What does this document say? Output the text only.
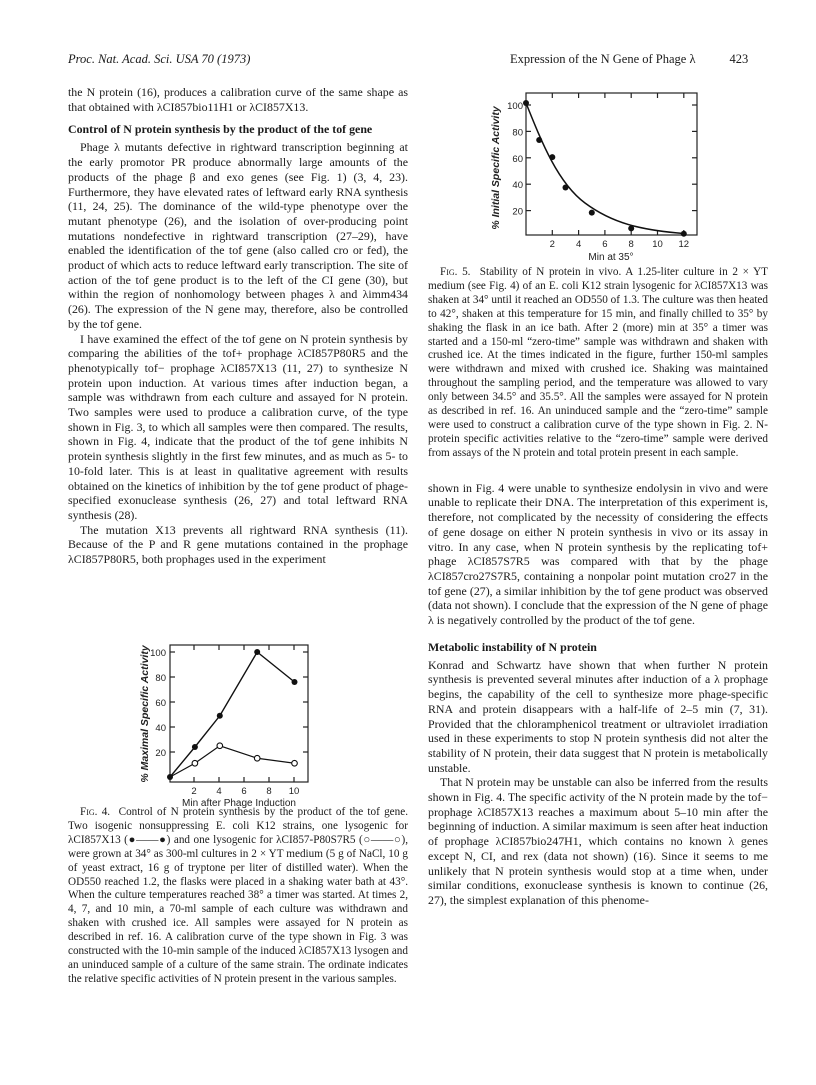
Proc. Nat. Acad. Sci. USA 70 (1973)	Expression of the N Gene of Phage λ	423

the N protein (16), produces a calibration curve of the same shape as that obtained with λCI857bio11H1 or λCI857X13.

Control of N protein synthesis by the product of the tof gene

Phage λ mutants defective in rightward transcription beginning at the early promotor PR produce abnormally large amounts of the products of the phage β and exo genes (see Fig. 1) (3, 4, 23). Furthermore, they have elevated rates of leftward early RNA synthesis (11, 24, 25). The dominance of the wild-type phenotype over the mutant phenotype (26), and the isolation of over-producing point mutations nondefective in rightward transcription (27–29), have enabled the identification of the tof gene (also called cro or fed), the product of which acts to reduce leftward early transcription. The site of action of the tof gene product is to the left of the CI gene (30), but within the region of nonhomology between phages λ and λimm434 (26). The expression of the N gene may, therefore, also be controlled by the tof gene.

I have examined the effect of the tof gene on N protein synthesis by comparing the abilities of the tof+ prophage λCI857P80R5 and the phenotypically tof− prophage λCI857X13 (11, 27) to synthesize N protein upon induction. At various times after induction began, a sample was withdrawn from each culture and assayed for N protein. Two samples were used to produce a calibration curve, of the type shown in Fig. 3, to which all samples were then compared. The results, shown in Fig. 4, indicate that the product of the tof gene inhibits N protein synthesis slightly in the first few minutes, and as much as 5- to 10-fold later. This is at least in qualitative agreement with results obtained on the kinetics of inhibition by the tof gene product of phage-specified exonuclease synthesis (26, 27) and total leftward RNA synthesis (28).

The mutation X13 prevents all rightward RNA synthesis (11). Because of the P and R gene mutations contained in the prophage λCI857P80R5, both prophages used in the experiment

100
80
60
40
20
2 4 6 8 10
Min after Phage Induction
% Maximal Specific Activity

Fig. 4. Control of N protein synthesis by the product of the tof gene. Two isogenic nonsuppressing E. coli K12 strains, one lysogenic for λCI857X13 (●——●) and one lysogenic for λCI857-P80S7R5 (○——○), were grown at 34° as 300-ml cultures in 2 × YT medium (5 g of NaCl, 10 g of yeast extract, 16 g of tryptone per liter of distilled water). When the OD550 reached 1.2, the flasks were placed in a shaking water bath at 43°. When the culture temperatures reached 38° a timer was started. At times 2, 4, 7, and 10 min, a 70-ml sample of each culture was withdrawn and shaken with crushed ice. All samples were assayed for N protein as described in ref. 16. A calibration curve of the type shown in Fig. 3 was constructed with the 10-min sample of the induced λCI857X13 lysogen and an uninduced sample of a culture of the same strain. The ordinate indicates the relative specific activities of N protein present in the various samples.

100
80
60
40
20
2 4 6 8 10 12
Min at 35°
% Initial Specific Activity

Fig. 5. Stability of N protein in vivo. A 1.25-liter culture in 2 × YT medium (see Fig. 4) of an E. coli K12 strain lysogenic for λCI857X13 was shaken at 34° until it reached an OD550 of 1.3. The culture was then heated to 42°, shaken at this temperature for 15 min, and finally chilled to 35° by shaking the flask in an ice bath. After 2 (more) min at 35° a timer was started and a 150-ml “zero-time” sample was withdrawn and shaken with crushed ice. At the times indicated in the figure, further 150-ml samples were withdrawn and mixed with crushed ice. Shaking was maintained throughout the sampling period, and the temperature was allowed to vary only between 34.5° and 35.5°. All the samples were assayed for N protein as described in ref. 16. An uninduced sample and the “zero-time” sample were used to construct a calibration curve of the type shown in Fig. 2. N-protein specific activities relative to the “zero-time” sample were derived from assays of the N protein and total protein present in each sample.

shown in Fig. 4 were unable to synthesize endolysin in vivo and were unable to replicate their DNA. The interpretation of this experiment is, therefore, not complicated by the necessity of considering the effects of gene dosage on either N protein synthesis in vivo or its assay in vitro. In any case, when N protein synthesis by the replicating tof+ phage λCI857S7R5 was compared with that by the phage λCI857cro27S7R5, containing a nonpolar point mutation cro27 in the tof gene (27), a similar inhibition by the tof gene product was observed (data not shown). I conclude that the expression of the N gene of phage λ is negatively controlled by the product of the tof gene.

Metabolic instability of N protein

Konrad and Schwartz have shown that when further N protein synthesis is prevented several minutes after induction of a λ prophage begins, the capability of the cell to synthesize more phage-specific RNA and protein disappears with a half-life of 2–5 min (7, 31). Provided that the chloramphenicol treatment or ultraviolet irradiation used in these experiments to stop N protein synthesis did not alter the stability of N protein, their data suggest that N protein is metabolically unstable.

That N protein may be unstable can also be inferred from the results shown in Fig. 4. The specific activity of the N protein made by the tof− prophage λCI857X13 reaches a maximum about 5–10 min after the beginning of induction. A similar maximum is seen after heat induction of prophage λCI857bio247H1, which contains no known λ genes except N, CI, and rex (data not shown) (16). Since it seems to me unlikely that N protein synthesis would stop at a time when, under similar conditions, exonuclease synthesis is known to continue (26, 27), the simplest explanation of this phenome-
